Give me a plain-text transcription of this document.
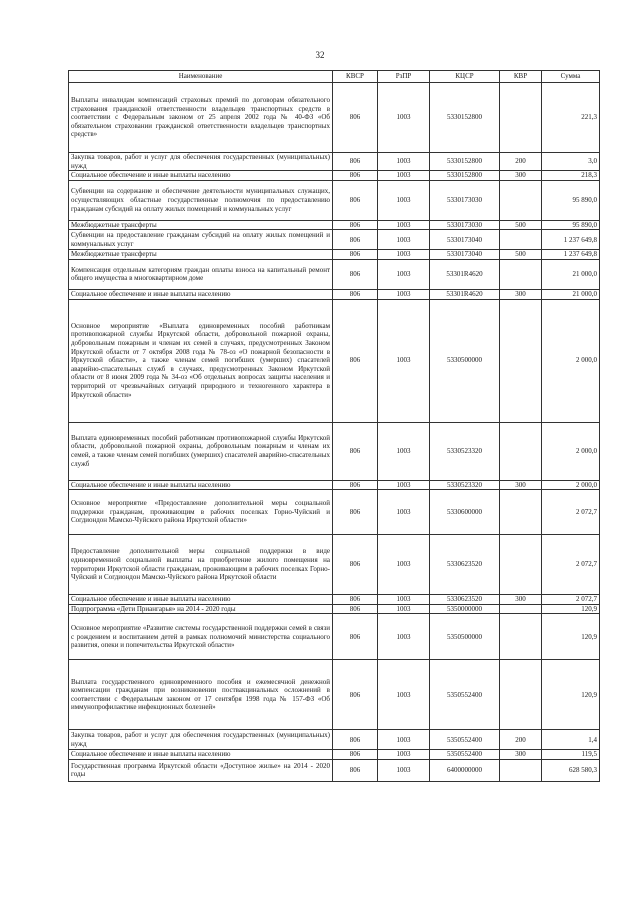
32
Наименование	КВСР	РзПР	КЦСР	КВР	Сумма
Выплаты инвалидам компенсаций страховых премий по договорам обязательного страхования гражданской ответственности владельцев транспортных средств в соответствии с Федеральным законом от 25 апреля 2002 года № 40-ФЗ «Об обязательном страховании гражданской ответственности владельцев транспортных средств»	806	1003	5330152800		221,3
Закупка товаров, работ и услуг для обеспечения государственных (муниципальных) нужд	806	1003	5330152800	200	3,0
Социальное обеспечение и иные выплаты населению	806	1003	5330152800	300	218,3
Субвенции на содержание и обеспечение деятельности муниципальных служащих, осуществляющих областные государственные полномочия по предоставлению гражданам субсидий на оплату жилых помещений и коммунальных услуг	806	1003	5330173030		95 890,0
Межбюджетные трансферты	806	1003	5330173030	500	95 890,0
Субвенции на предоставление гражданам субсидий на оплату жилых помещений и коммунальных услуг	806	1003	5330173040		1 237 649,8
Межбюджетные трансферты	806	1003	5330173040	500	1 237 649,8
Компенсация отдельным категориям граждан оплаты взноса на капитальный ремонт общего имущества в многоквартирном доме	806	1003	53301R4620		21 000,0
Социальное обеспечение и иные выплаты населению	806	1003	53301R4620	300	21 000,0
Основное мероприятие «Выплата единовременных пособий работникам противопожарной службы Иркутской области, добровольной пожарной охраны, добровольным пожарным и членам их семей в случаях, предусмотренных Законом Иркутской области от 7 октября 2008 года № 78-оз «О пожарной безопасности в Иркутской области», а также членам семей погибших (умерших) спасателей аварийно-спасательных служб в случаях, предусмотренных Законом Иркутской области от 8 июня 2009 года № 34-оз «Об отдельных вопросах защиты населения и территорий от чрезвычайных ситуаций природного и техногенного характера в Иркутской области»	806	1003	5330500000		2 000,0
Выплата единовременных пособий работникам противопожарной службы Иркутской области, добровольной пожарной охраны, добровольным пожарным и членам их семей, а также членам семей погибших (умерших) спасателей аварийно-спасательных служб	806	1003	5330523320		2 000,0
Социальное обеспечение и иные выплаты населению	806	1003	5330523320	300	2 000,0
Основное мероприятие «Предоставление дополнительной меры социальной поддержки гражданам, проживающим в рабочих поселках Горно-Чуйский и Согдиондон Мамско-Чуйского района Иркутской области»	806	1003	5330600000		2 072,7
Предоставление дополнительной меры социальной поддержки в виде единовременной социальной выплаты на приобретение жилого помещения на территории Иркутской области гражданам, проживающим в рабочих поселках Горно-Чуйский и Согдиондон Мамско-Чуйского района Иркутской области	806	1003	5330623520		2 072,7
Социальное обеспечение и иные выплаты населению	806	1003	5330623520	300	2 072,7
Подпрограмма «Дети Приангарья» на 2014 - 2020 годы	806	1003	5350000000		120,9
Основное мероприятие «Развитие системы государственной поддержки семей в связи с рождением и воспитанием детей в рамках полномочий министерства социального развития, опеки и попечительства Иркутской области»	806	1003	5350500000		120,9
Выплата государственного единовременного пособия и ежемесячной денежной компенсации гражданам при возникновении поствакцинальных осложнений в соответствии с Федеральным законом от 17 сентября 1998 года № 157-ФЗ «Об иммунопрофилактике инфекционных болезней»	806	1003	5350552400		120,9
Закупка товаров, работ и услуг для обеспечения государственных (муниципальных) нужд	806	1003	5350552400	200	1,4
Социальное обеспечение и иные выплаты населению	806	1003	5350552400	300	119,5
Государственная программа Иркутской области «Доступное жилье» на 2014 - 2020 годы	806	1003	6400000000		628 580,3
